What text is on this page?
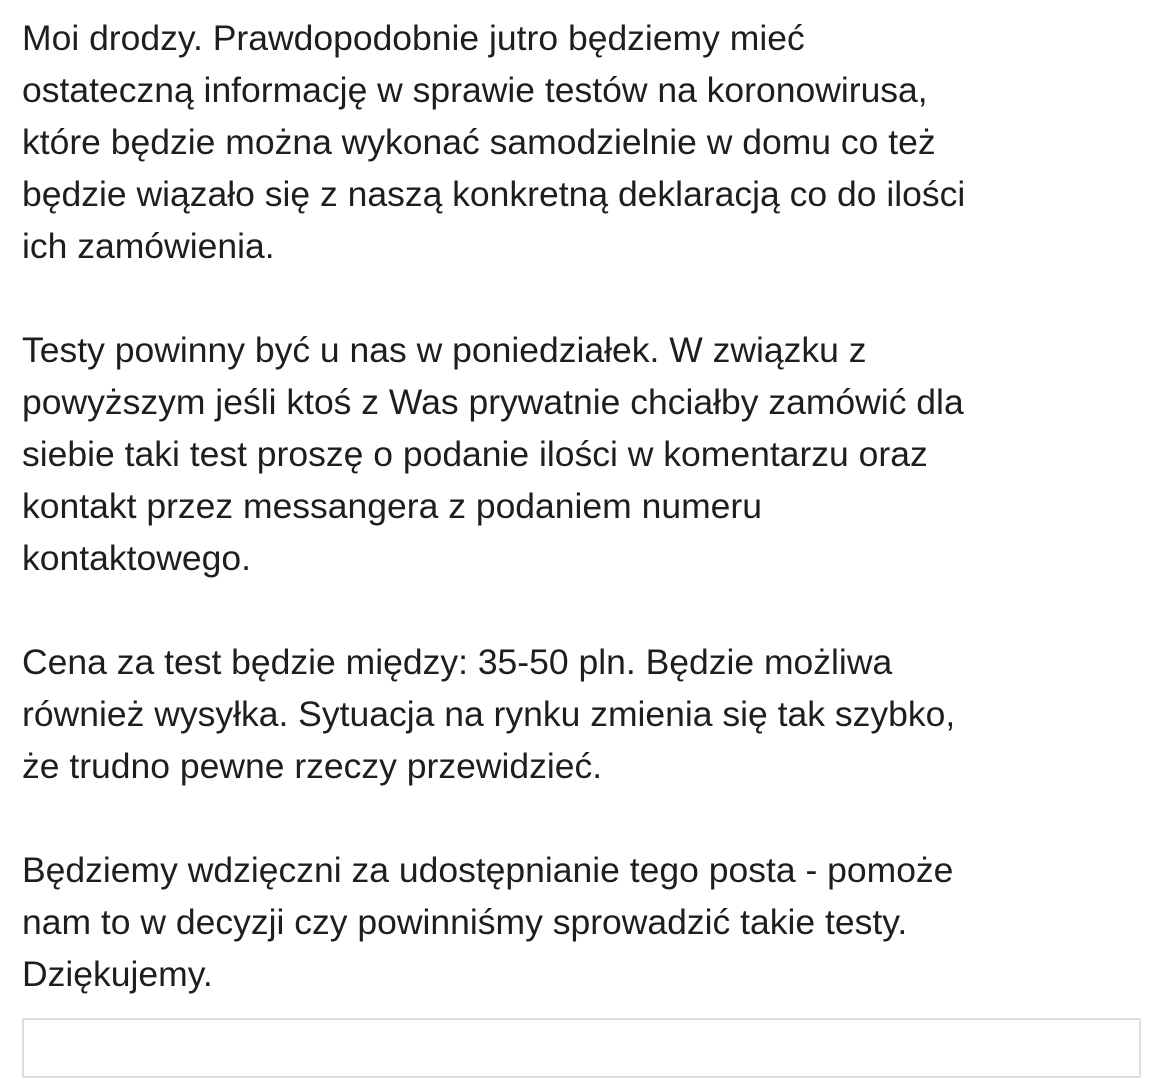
Moi drodzy. Prawdopodobnie jutro będziemy mieć
ostateczną informację w sprawie testów na koronowirusa,
które będzie można wykonać samodzielnie w domu co też
będzie wiązało się z naszą konkretną deklaracją co do ilości
ich zamówienia.

Testy powinny być u nas w poniedziałek. W związku z
powyższym jeśli ktoś z Was prywatnie chciałby zamówić dla
siebie taki test proszę o podanie ilości w komentarzu oraz
kontakt przez messangera z podaniem numeru
kontaktowego.

Cena za test będzie między: 35-50 pln. Będzie możliwa
również wysyłka. Sytuacja na rynku zmienia się tak szybko,
że trudno pewne rzeczy przewidzieć.

Będziemy wdzięczni za udostępnianie tego posta - pomoże
nam to w decyzji czy powinniśmy sprowadzić takie testy.
Dziękujemy.
